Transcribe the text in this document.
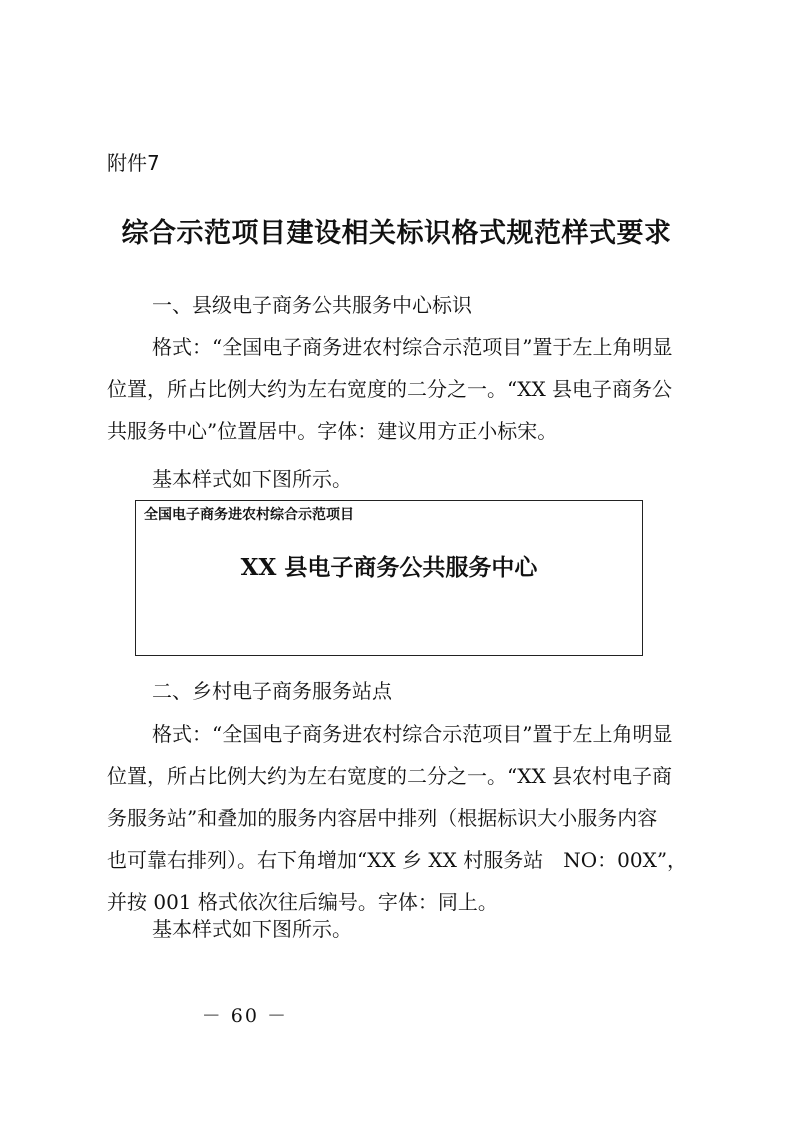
附件7
综合示范项目建设相关标识格式规范样式要求
一、县级电子商务公共服务中心标识
格式：“全国电子商务进农村综合示范项目”置于左上角明显
位置，所占比例大约为左右宽度的二分之一。“XX 县电子商务公
共服务中心”位置居中。字体：建议用方正小标宋。
基本样式如下图所示。
全国电子商务进农村综合示范项目
XX 县电子商务公共服务中心
二、乡村电子商务服务站点
格式：“全国电子商务进农村综合示范项目”置于左上角明显
位置，所占比例大约为左右宽度的二分之一。“XX 县农村电子商
务服务站”和叠加的服务内容居中排列（根据标识大小服务内容
也可靠右排列）。右下角增加“XX 乡 XX 村服务站　NO：00X”，
并按 001 格式依次往后编号。字体：同上。
基本样式如下图所示。
－ 60 －
